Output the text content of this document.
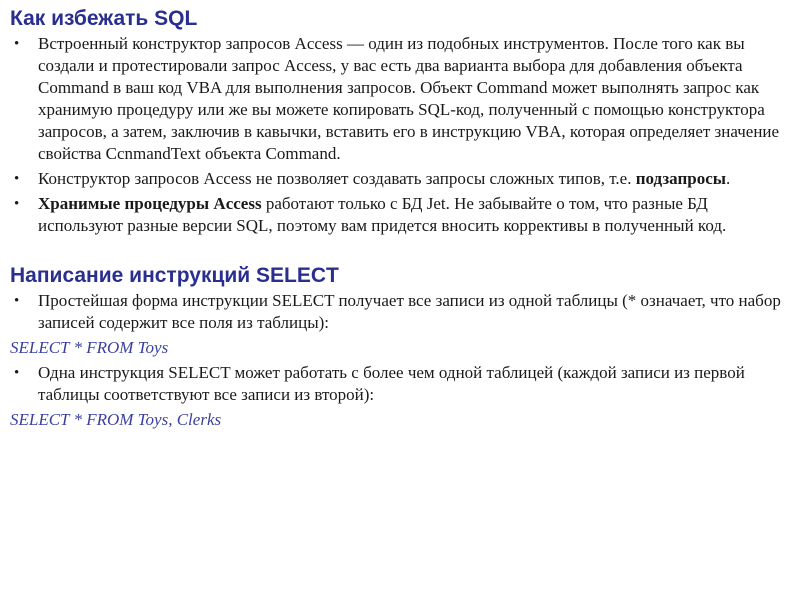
Как избежать SQL
• Встроенный конструктор запросов Access — один из подобных инструментов. После того как вы создали и протестировали запрос Access, у вас есть два варианта выбора для добавления объекта Command в ваш код VBA для выполнения запросов. Объект Command может выполнять запрос как хранимую процедуру или же вы можете копировать SQL-код, полученный с помощью конструктора запросов, а затем, заключив в кавычки, вставить его в инструкцию VBA, которая определяет значение свойства CcnmandText объекта Command.
• Конструктор запросов Access не позволяет создавать запросы сложных типов, т.е. подзапросы.
• Хранимые процедуры Access работают только с БД Jet. Не забывайте о том, что разные БД используют разные версии SQL, поэтому вам придется вносить коррективы в полученный код.
Написание инструкций SELECT
• Простейшая форма инструкции SELECT получает все записи из одной таблицы (* означает, что набор записей содержит все поля из таблицы):
SELECT * FROM Toys
• Одна инструкция SELECT может работать с более чем одной таблицей (каждой записи из первой таблицы соответствуют все записи из второй):
SELECT * FROM Toys, Clerks
